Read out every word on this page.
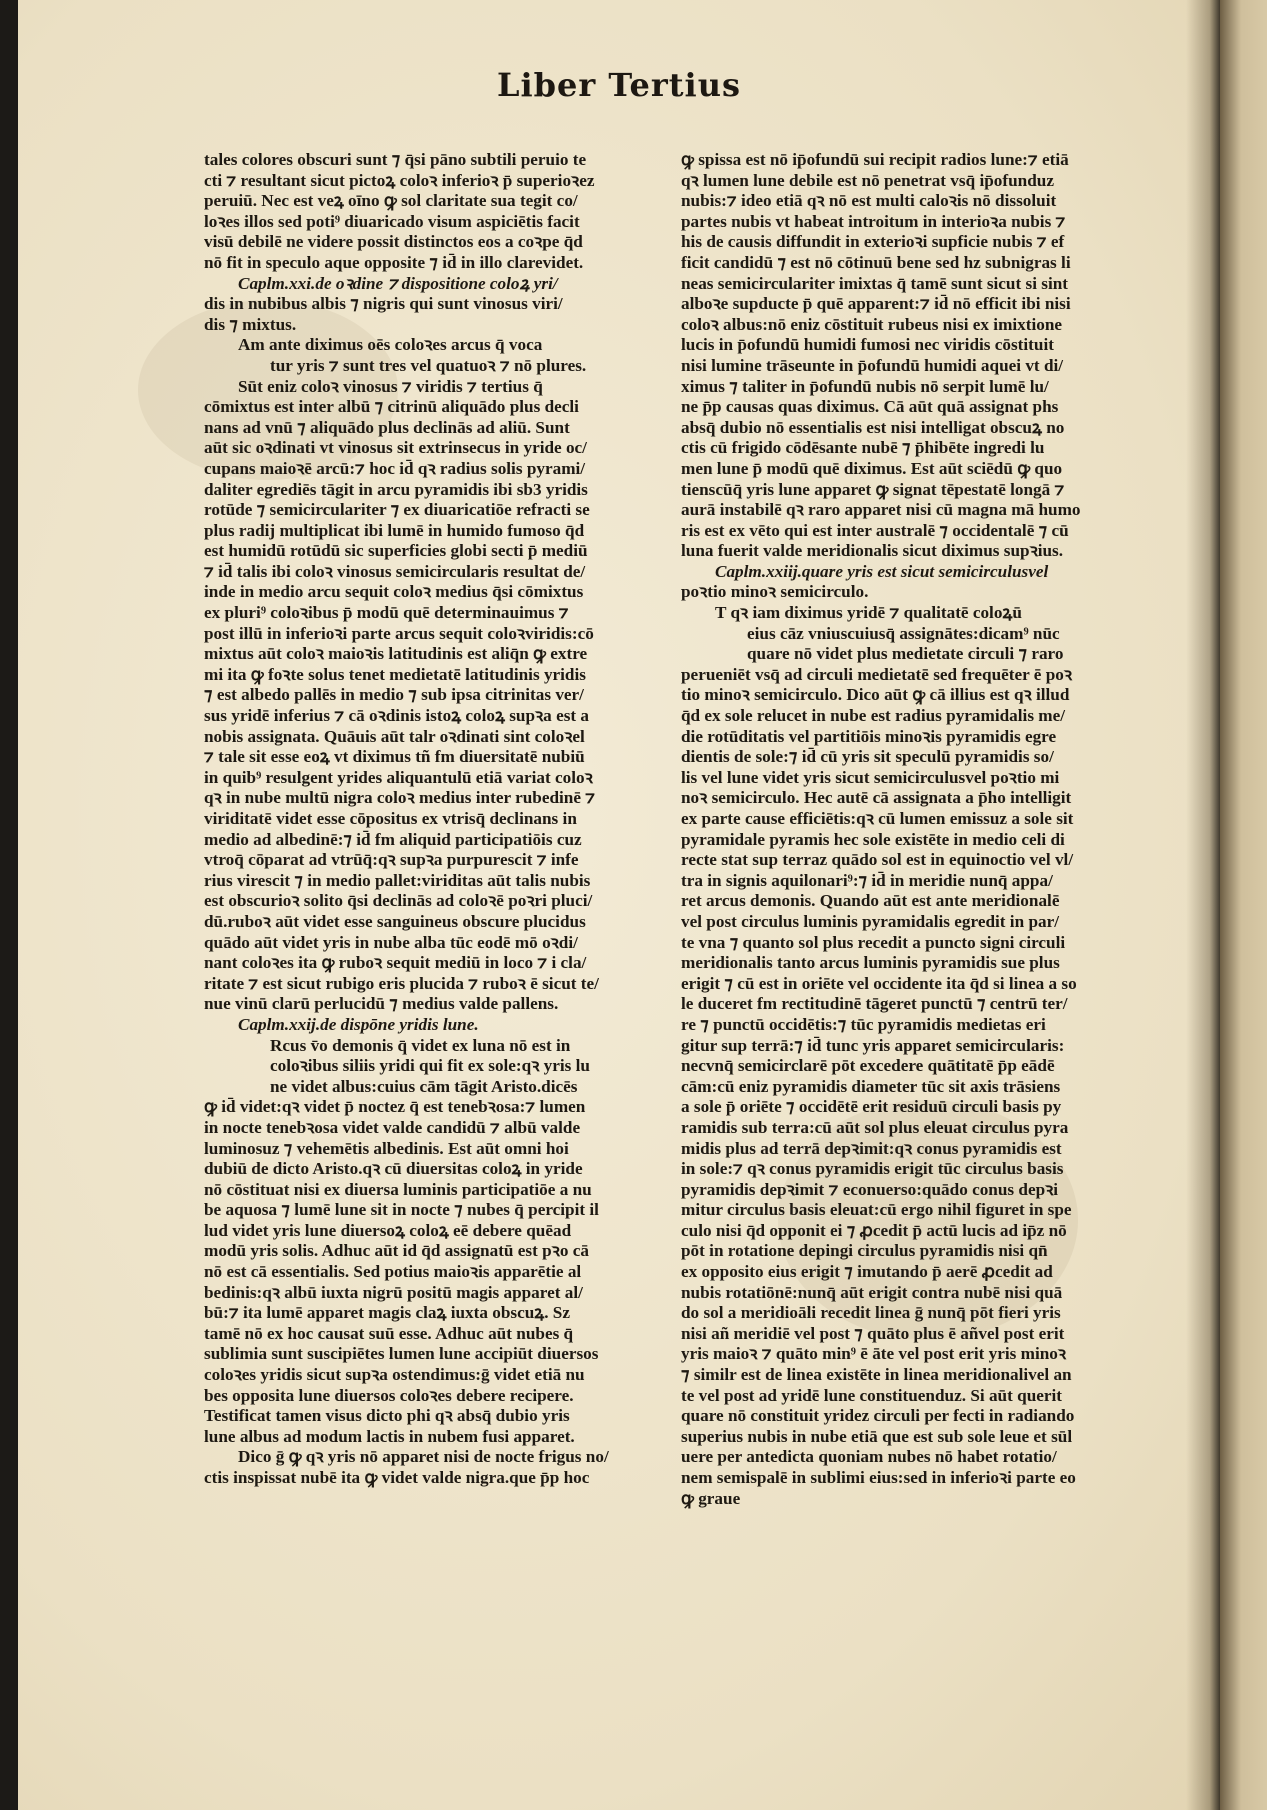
Liber Tertius
tales colores obscuri sunt ⁊ q̄si pāno subtili peruio te
cti ⁊ resultant sicut pictoꝝ coloꝛ inferioꝛ p̄ superioꝛez
peruiū. Nec est veꝝ oīno ꝙ sol claritate sua tegit co/
loꝛes illos sed poti⁹ diuaricado visum aspiciētis facit
visū debilē ne videre possit distinctos eos a coꝛpe q̄d
nō fit in speculo aque opposite ⁊ id̄ in illo clarevidet.
Caplm.xxi.de oꝛdine ⁊ dispositione coloꝝ yri/
dis in nubibus albis ⁊ nigris qui sunt vinosus viri/
dis ⁊ mixtus.
Am ante diximus oēs coloꝛes arcus q̄ voca
tur yris ⁊ sunt tres vel quatuoꝛ ⁊ nō plures.
Sūt eniz coloꝛ vinosus ⁊ viridis ⁊ tertius q̄
cōmixtus est inter albū ⁊ citrinū aliquādo plus decli
nans ad vnū ⁊ aliquādo plus declinās ad aliū. Sunt
aūt sic oꝛdinati vt vinosus sit extrinsecus in yride oc/
cupans maioꝛē arcū:⁊ hoc id̄ qꝛ radius solis pyrami/
daliter egrediēs tāgit in arcu pyramidis ibi sb3 yridis
rotūde ⁊ semicirculariter ⁊ ex diuaricatiōe refracti se
plus radij multiplicat ibi lumē in humido fumoso q̄d
est humidū rotūdū sic superficies globi secti p̄ mediū
⁊ id̄ talis ibi coloꝛ vinosus semicircularis resultat de/
inde in medio arcu sequit coloꝛ medius q̄si cōmixtus
ex pluri⁹ coloꝛibus p̄ modū quē determinauimus ⁊
post illū in inferioꝛi parte arcus sequit coloꝛviridis:cō
mixtus aūt coloꝛ maioꝛis latitudinis est aliq̄n ꝙ extre
mi ita ꝙ foꝛte solus tenet medietatē latitudinis yridis
⁊ est albedo pallēs in medio ⁊ sub ipsa citrinitas ver/
sus yridē inferius ⁊ cā oꝛdinis istoꝝ coloꝝ supꝛa est a
nobis assignata. Quāuis aūt talr oꝛdinati sint coloꝛel
⁊ tale sit esse eoꝝ vt diximus tñ fm diuersitatē nubiū
in quib⁹ resulgent yrides aliquantulū etiā variat coloꝛ
qꝛ in nube multū nigra coloꝛ medius inter rubedinē ⁊
viriditatē videt esse cōpositus ex vtrisq̄ declinans in
medio ad albedinē:⁊ id̄ fm aliquid participatiōis cuz
vtroq̄ cōparat ad vtrūq̄:qꝛ supꝛa purpurescit ⁊ infe
rius virescit ⁊ in medio pallet:viriditas aūt talis nubis
est obscurioꝛ solito q̄si declinās ad coloꝛē poꝛri pluci/
dū.ruboꝛ aūt videt esse sanguineus obscure plucidus
quādo aūt videt yris in nube alba tūc eodē mō oꝛdi/
nant coloꝛes ita ꝙ ruboꝛ sequit mediū in loco ⁊ i cla/
ritate ⁊ est sicut rubigo eris plucida ⁊ ruboꝛ ē sicut te/
nue vinū clarū perlucidū ⁊ medius valde pallens.
Caplm.xxij.de dispōne yridis lune.
Rcus v̄o demonis q̄ videt ex luna nō est in
coloꝛibus siliis yridi qui fit ex sole:qꝛ yris lu
ne videt albus:cuius cām tāgit Aristo.dicēs
ꝙ id̄ videt:qꝛ videt p̄ noctez q̄ est tenebꝛosa:⁊ lumen
in nocte tenebꝛosa videt valde candidū ⁊ albū valde
luminosuz ⁊ vehemētis albedinis. Est aūt omni hoi
dubiū de dicto Aristo.qꝛ cū diuersitas coloꝝ in yride
nō cōstituat nisi ex diuersa luminis participatiōe a nu
be aquosa ⁊ lumē lune sit in nocte ⁊ nubes q̄ percipit il
lud videt yris lune diuersoꝝ coloꝝ eē debere quēad
modū yris solis. Adhuc aūt id q̄d assignatū est pꝛo cā
nō est cā essentialis. Sed potius maioꝛis apparētie al
bedinis:qꝛ albū iuxta nigrū positū magis apparet al/
bū:⁊ ita lumē apparet magis claꝝ iuxta obscuꝝ. Sz
tamē nō ex hoc causat suū esse. Adhuc aūt nubes q̄
sublimia sunt suscipiētes lumen lune accipiūt diuersos
coloꝛes yridis sicut supꝛa ostendimus:ḡ videt etiā nu
bes opposita lune diuersos coloꝛes debere recipere.
Testificat tamen visus dicto phi qꝛ absq̄ dubio yris
lune albus ad modum lactis in nubem fusi apparet.
Dico ḡ ꝙ qꝛ yris nō apparet nisi de nocte frigus no/
ctis inspissat nubē ita ꝙ videt valde nigra.que p̄p hoc
ꝙ spissa est nō ip̄ofundū sui recipit radios lune:⁊ etiā
qꝛ lumen lune debile est nō penetrat vsq̄ ip̄ofunduz
nubis:⁊ ideo etiā qꝛ nō est multi caloꝛis nō dissoluit
partes nubis vt habeat introitum in interioꝛa nubis ⁊
his de causis diffundit in exterioꝛi supficie nubis ⁊ ef
ficit candidū ⁊ est nō cōtinuū bene sed hz subnigras li
neas semicirculariter imixtas q̄ tamē sunt sicut si sint
alboꝛe supducte p̄ quē apparent:⁊ id̄ nō efficit ibi nisi
coloꝛ albus:nō eniz cōstituit rubeus nisi ex imixtione
lucis in p̄ofundū humidi fumosi nec viridis cōstituit
nisi lumine trāseunte in p̄ofundū humidi aquei vt di/
ximus ⁊ taliter in p̄ofundū nubis nō serpit lumē lu/
ne p̄p causas quas diximus. Cā aūt quā assignat phs
absq̄ dubio nō essentialis est nisi intelligat obscuꝝ no
ctis cū frigido cōdēsante nubē ⁊ p̄hibēte ingredi lu
men lune p̄ modū quē diximus. Est aūt sciēdū ꝙ quo
tienscūq̄ yris lune apparet ꝙ signat tēpestatē longā ⁊
aurā instabilē qꝛ raro apparet nisi cū magna mā humo
ris est ex vēto qui est inter australē ⁊ occidentalē ⁊ cū
luna fuerit valde meridionalis sicut diximus supꝛius.
Caplm.xxiij.quare yris est sicut semicirculusvel
poꝛtio minoꝛ semicirculo.
T qꝛ iam diximus yridē ⁊ qualitatē coloꝝū
eius cāz vniuscuiusq̄ assignātes:dicam⁹ nūc
quare nō videt plus medietate circuli ⁊ raro
perueniēt vsq̄ ad circuli medietatē sed frequēter ē poꝛ
tio minoꝛ semicirculo. Dico aūt ꝙ cā illius est qꝛ illud
q̄d ex sole relucet in nube est radius pyramidalis me/
die rotūditatis vel partitiōis minoꝛis pyramidis egre
dientis de sole:⁊ id̄ cū yris sit speculū pyramidis so/
lis vel lune videt yris sicut semicirculusvel poꝛtio mi
noꝛ semicirculo. Hec autē cā assignata a p̄ho intelligit
ex parte cause efficiētis:qꝛ cū lumen emissuz a sole sit
pyramidale pyramis hec sole existēte in medio celi di
recte stat sup terraz quādo sol est in equinoctio vel vl/
tra in signis aquilonari⁹:⁊ id̄ in meridie nunq̄ appa/
ret arcus demonis. Quando aūt est ante meridionalē
vel post circulus luminis pyramidalis egredit in par/
te vna ⁊ quanto sol plus recedit a puncto signi circuli
meridionalis tanto arcus luminis pyramidis sue plus
erigit ⁊ cū est in oriēte vel occidente ita q̄d si linea a so
le duceret fm rectitudinē tāgeret punctū ⁊ centrū ter/
re ⁊ punctū occidētis:⁊ tūc pyramidis medietas eri
gitur sup terrā:⁊ id̄ tunc yris apparet semicircularis:
necvnq̄ semicirclarē pōt excedere quātitatē p̄p eādē
cām:cū eniz pyramidis diameter tūc sit axis trāsiens
a sole p̄ oriēte ⁊ occidētē erit residuū circuli basis py
ramidis sub terra:cū aūt sol plus eleuat circulus pyra
midis plus ad terrā depꝛimit:qꝛ conus pyramidis est
in sole:⁊ qꝛ conus pyramidis erigit tūc circulus basis
pyramidis depꝛimit ⁊ econuerso:quādo conus depꝛi
mitur circulus basis eleuat:cū ergo nihil figuret in spe
culo nisi q̄d opponit ei ⁊ ꝓcedit p̄ actū lucis ad ip̄z nō
pōt in rotatione depingi circulus pyramidis nisi qn̄
ex opposito eius erigit ⁊ imutando p̄ aerē ꝓcedit ad
nubis rotatiōnē:nunq̄ aūt erigit contra nubē nisi quā
do sol a meridioāli recedit linea ḡ nunq̄ pōt fieri yris
nisi añ meridiē vel post ⁊ quāto plus ē añvel post erit
yris maioꝛ ⁊ quāto min⁹ ē āte vel post erit yris minoꝛ
⁊ similr est de linea existēte in linea meridionalivel an
te vel post ad yridē lune constituenduz. Si aūt querit
quare nō constituit yridez circuli per fecti in radiando
superius nubis in nube etiā que est sub sole leue et sūl
uere per antedicta quoniam nubes nō habet rotatio/
nem semispalē in sublimi eius:sed in inferioꝛi parte eo
ꝙ graue
